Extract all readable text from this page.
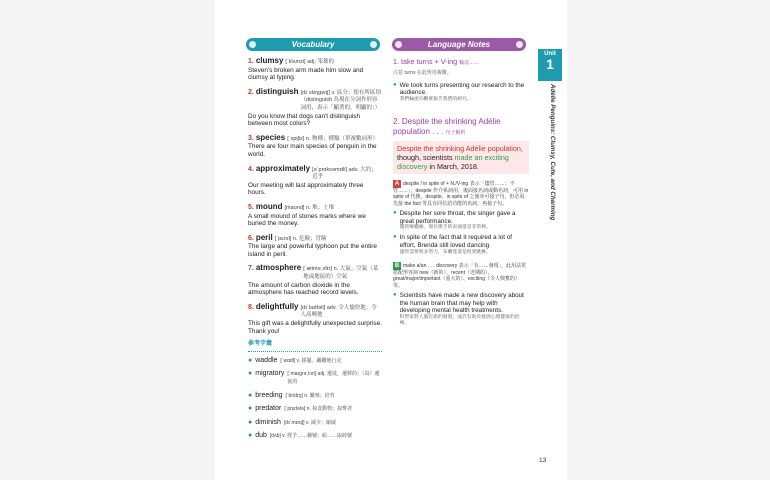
Vocabulary	Language Notes
Unit
1
Adélie Penguins: Clumsy, Cute, and Charming
1. clumsy [ˋklʌmzi] adj. 笨拙的
Steven's broken arm made him slow and clumsy at typing.
2. distinguish [dɪˋstɪŋgwɪʃ] v. 區分；使有所區別（distinguish 為現在分詞作形容詞用，表示「顯著的，明顯的」）
Do you know that dogs can't distinguish between most colors?
3. species [ˋspiʃiz] n. 物種；種類（單複數同形）
There are four main species of penguin in the world.
4. approximately [əˋprɑksəmɪtli] adv. 大約；近乎
Our meeting will last approximately three hours.
5. mound [maʊnd] n. 堆；土堆
A small mound of stones marks where we buried the money.
6. peril [ˋpɛrəl] n. 危險；冒險
The large and powerful typhoon put the entire island in peril.
7. atmosphere [ˋætməˌsfɪr] n. 大氣；空氣（某地或地區的）空氣
The amount of carbon dioxide in the atmosphere has reached record levels.
8. delightfully [dɪˋlaɪtfəli] adv. 令人愉快地；令人高興地
This gift was a delightfully unexpected surprise. Thank you!
參考字彙
● waddle [ˋwɑdl] v. 搖擺，蹣跚地行走
● migratory [ˋmaɪgrəˌtɔri] adj. 遷徙，遷移的；（鳥）遷徙的
● breeding [ˋbridɪŋ] n. 繁殖；培育
● predator [ˋprɛdətə] n. 掠食動物；掠奪者
● diminish [dɪˋmɪnɪʃ] v. 減少；縮減
● dub [dʌb] v. 授予……稱號；給……取綽號
1. take turns + V-ing 輪流……
注意 turns 在此恆用複數。
● We took turns presenting our research to the audience.
我們輪流向觀眾報告我們的研究。
2. Despite the shrinking Adélie population . . . 句子解析
Despite the shrinking Adélie population, though, scientists made an exciting discovery in March, 2018.
A despite / in spite of + N./V-ing 表示「儘管……；不管……」，despite 作介系詞用，後面接名詞或動名詞，可用 in spite of 代換。despite、in spite of 之後亦可接子句，但必須先接 the fact 等具有同位語功能的名詞，再接子句。
● Despite her sore throat, the singer gave a great performance.
儘管喉嚨痛，那位歌手的表演還是非常棒。
● In spite of the fact that it required a lot of effort, Brenda still loved dancing.
儘管需要很多努力，布蘭達還是很愛跳舞。
B make a/an . . . discovery 表示「有……發現」，此用法常搭配形容詞 new（新的）、recent（近期的）、great/major/important（重大的）、exciting（令人興奮的）等。
● Scientists have made a new discovery about the human brain that may help with developing mental health treatments.
科學家對人腦有新的發現，或許有助於發展心理健康的治療。
13
